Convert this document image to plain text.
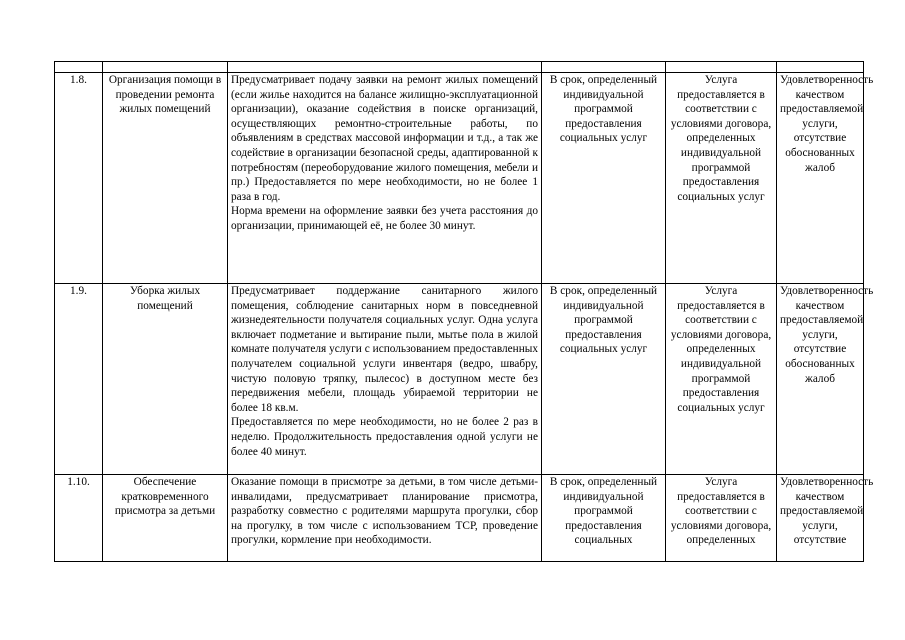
1.8.	Организация помощи в проведении ремонта жилых помещений	Предусматривает подачу заявки на ремонт жилых помещений (если жилье находится на балансе жилищно-эксплуатационной организации), оказание содействия в поиске организаций, осуществляющих ремонтно-строительные работы, по объявлениям в средствах массовой информации и т.д., а так же содействие в организации безопасной среды, адаптированной к потребностям (переоборудование жилого помещения, мебели и пр.) Предоставляется по мере необходимости, но не более 1 раза в год.
Норма времени на оформление заявки без учета расстояния до организации, принимающей её, не более 30 минут.	В срок, определенный индивидуальной программой предоставления социальных услуг	Услуга предоставляется в соответствии с условиями договора, определенных индивидуальной программой предоставления социальных услуг	Удовлетворенность качеством предоставляемой услуги, отсутствие обоснованных жалоб
1.9.	Уборка жилых помещений	Предусматривает поддержание санитарного жилого помещения, соблюдение санитарных норм в повседневной жизнедеятельности получателя социальных услуг. Одна услуга включает подметание и вытирание пыли, мытье пола в жилой комнате получателя услуги с использованием предоставленных получателем социальной услуги инвентаря (ведро, швабру, чистую половую тряпку, пылесос) в доступном месте без передвижения мебели, площадь убираемой территории не более 18 кв.м.
Предоставляется по мере необходимости, но не более 2 раз в неделю. Продолжительность предоставления одной услуги не более 40 минут.	В срок, определенный индивидуальной программой предоставления социальных услуг	Услуга предоставляется в соответствии с условиями договора, определенных индивидуальной программой предоставления социальных услуг	Удовлетворенность качеством предоставляемой услуги, отсутствие обоснованных жалоб

1.10.	Обеспечение кратковременного присмотра за детьми	Оказание помощи в присмотре за детьми, в том числе детьми-инвалидами, предусматривает планирование присмотра, разработку совместно с родителями маршрута прогулки, сбор на прогулку, в том числе с использованием ТСР, проведение прогулки, кормление при необходимости.	В срок, определенный индивидуальной программой предоставления социальных	Услуга предоставляется в соответствии с условиями договора, определенных	Удовлетворенность качеством предоставляемой услуги, отсутствие
